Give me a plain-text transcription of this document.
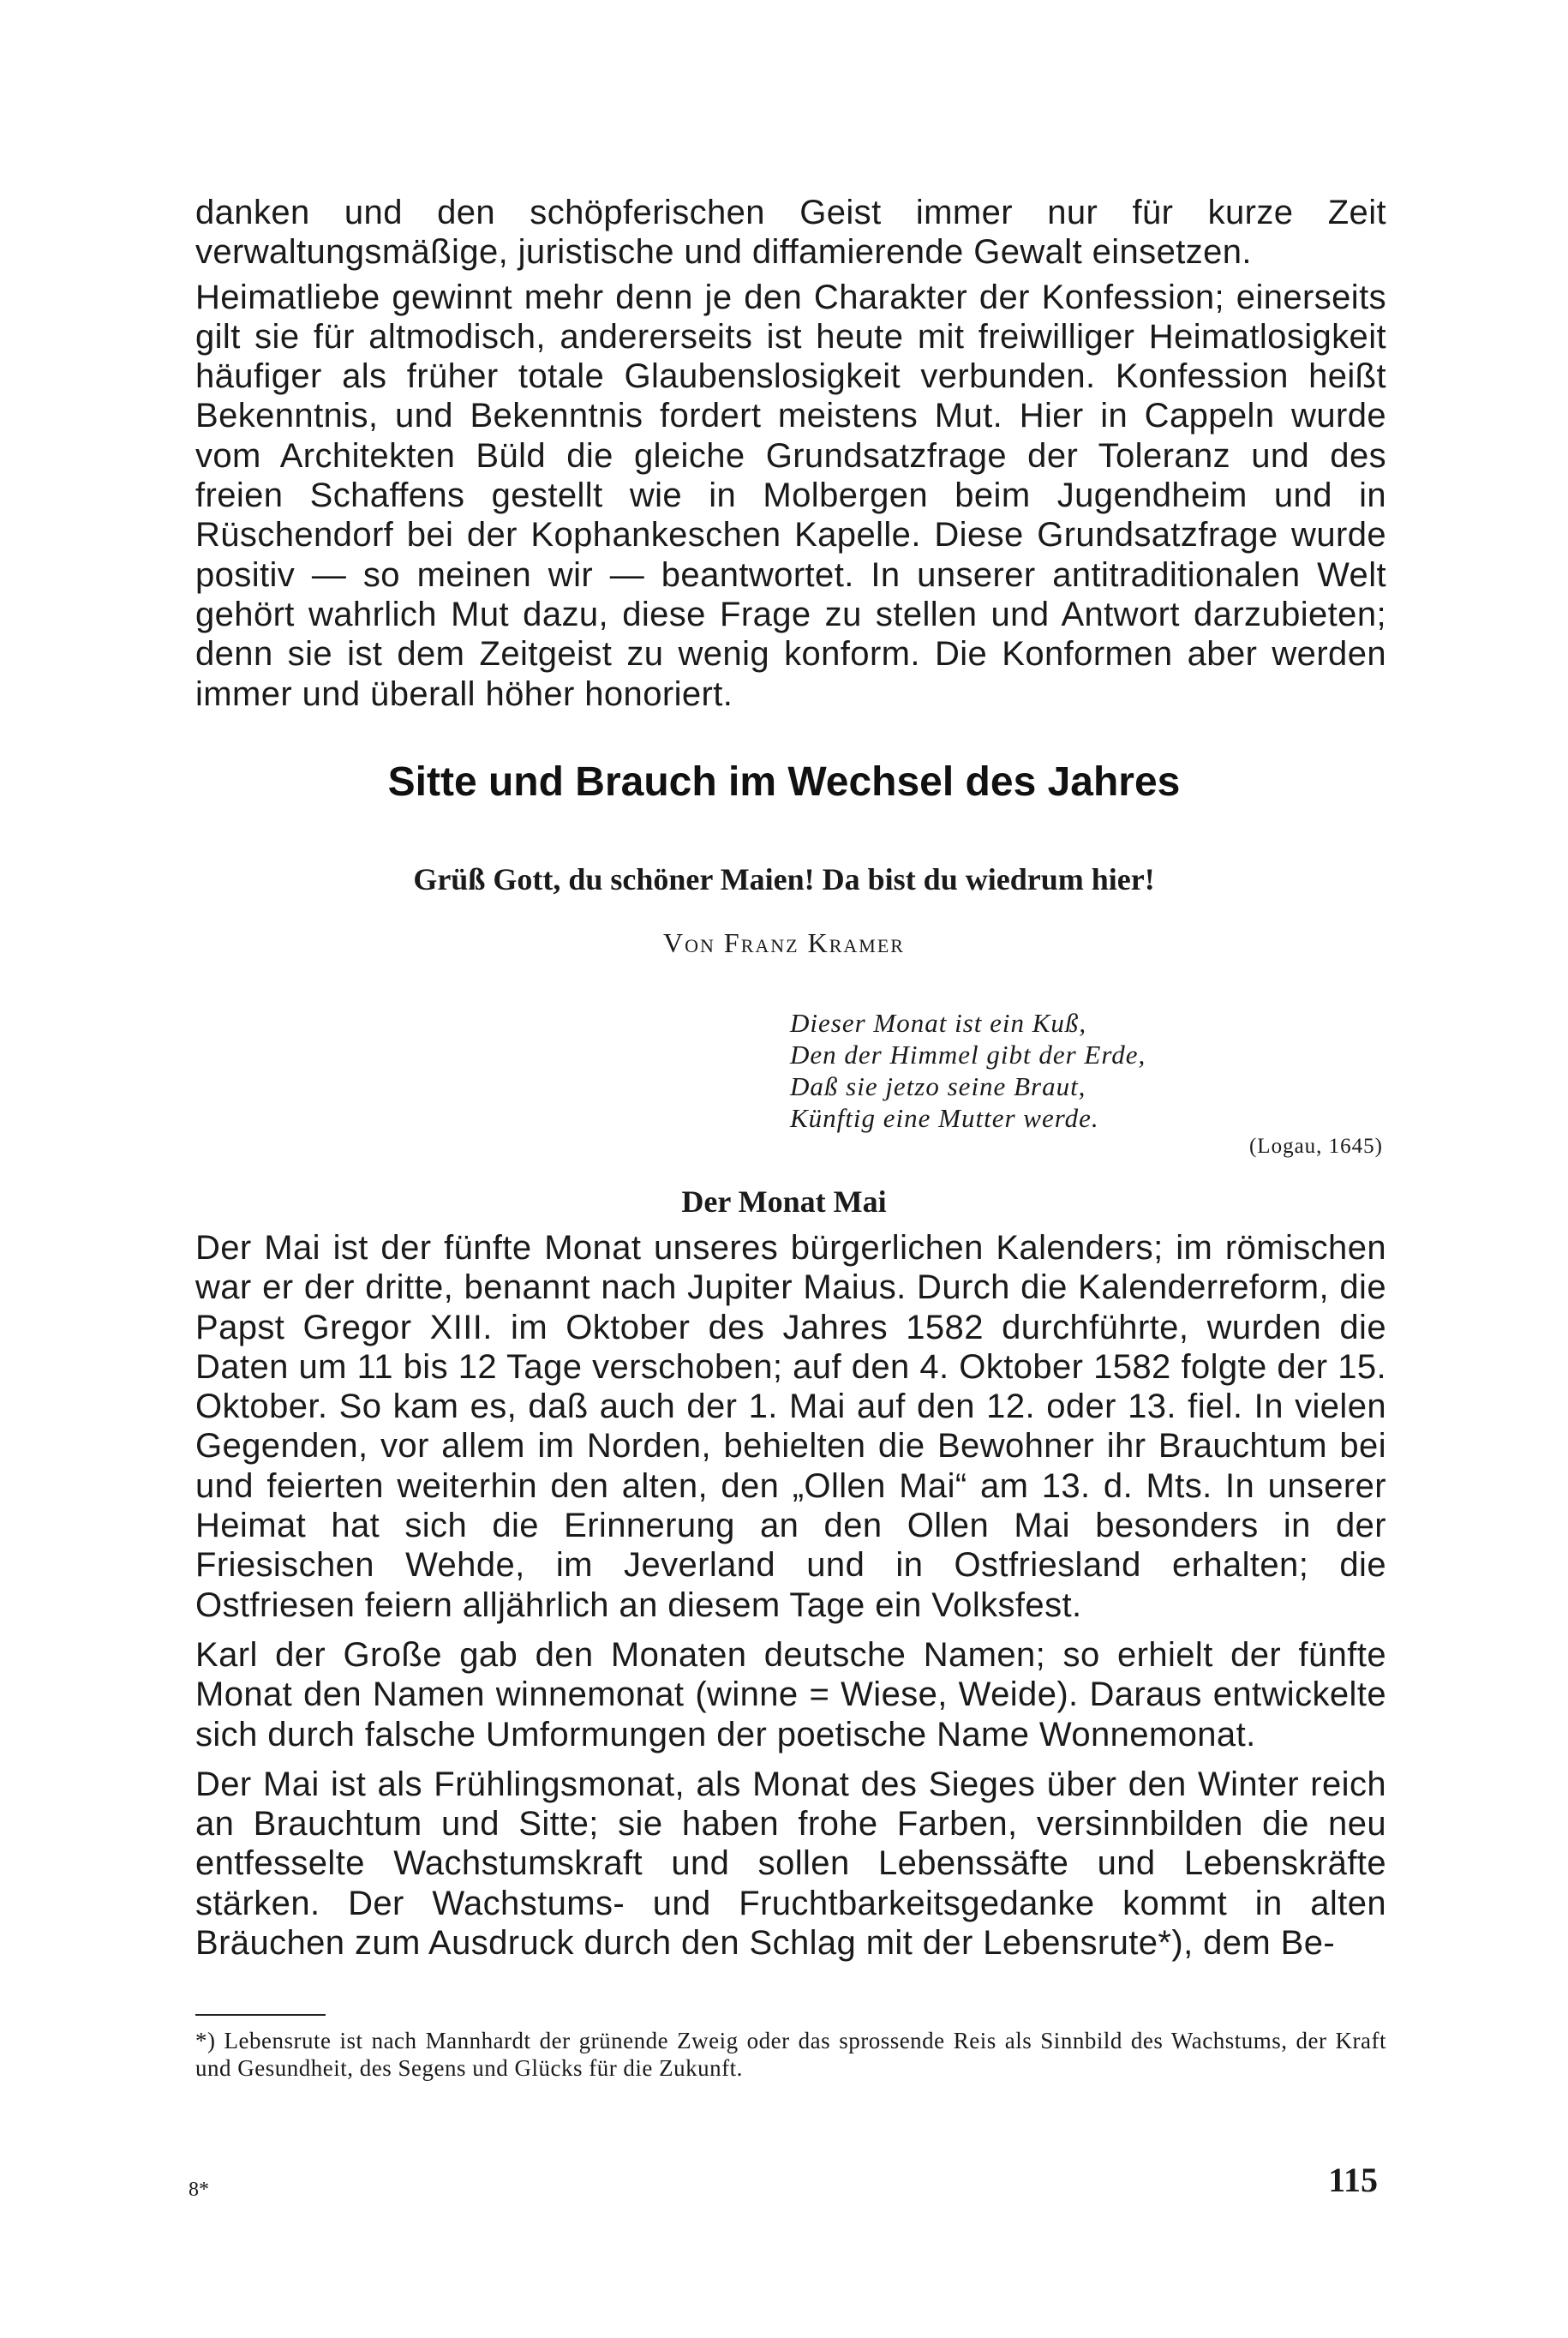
danken und den schöpferischen Geist immer nur für kurze Zeit verwaltungsmäßige, juristische und diffamierende Gewalt einsetzen.

Heimatliebe gewinnt mehr denn je den Charakter der Konfession; einerseits gilt sie für altmodisch, andererseits ist heute mit freiwilliger Heimatlosigkeit häufiger als früher totale Glaubenslosigkeit verbunden. Konfession heißt Bekenntnis, und Bekenntnis fordert meistens Mut. Hier in Cappeln wurde vom Architekten Büld die gleiche Grundsatzfrage der Toleranz und des freien Schaffens gestellt wie in Molbergen beim Jugendheim und in Rüschendorf bei der Kophankeschen Kapelle. Diese Grundsatzfrage wurde positiv — so meinen wir — beantwortet. In unserer antitraditionalen Welt gehört wahrlich Mut dazu, diese Frage zu stellen und Antwort darzubieten; denn sie ist dem Zeitgeist zu wenig konform. Die Konformen aber werden immer und überall höher honoriert.

Sitte und Brauch im Wechsel des Jahres
Grüß Gott, du schöner Maien! Da bist du wiedrum hier!
Von Franz Kramer
Dieser Monat ist ein Kuß,
Den der Himmel gibt der Erde,
Daß sie jetzo seine Braut,
Künftig eine Mutter werde.
(Logau, 1645)
Der Monat Mai

Der Mai ist der fünfte Monat unseres bürgerlichen Kalenders; im römischen war er der dritte, benannt nach Jupiter Maius. Durch die Kalenderreform, die Papst Gregor XIII. im Oktober des Jahres 1582 durchführte, wurden die Daten um 11 bis 12 Tage verschoben; auf den 4. Oktober 1582 folgte der 15. Oktober. So kam es, daß auch der 1. Mai auf den 12. oder 13. fiel. In vielen Gegenden, vor allem im Norden, behielten die Bewohner ihr Brauchtum bei und feierten weiterhin den alten, den „Ollen Mai“ am 13. d. Mts. In unserer Heimat hat sich die Erinnerung an den Ollen Mai besonders in der Friesischen Wehde, im Jeverland und in Ostfriesland erhalten; die Ostfriesen feiern alljährlich an diesem Tage ein Volksfest.

Karl der Große gab den Monaten deutsche Namen; so erhielt der fünfte Monat den Namen winnemonat (winne = Wiese, Weide). Daraus entwickelte sich durch falsche Umformungen der poetische Name Wonnemonat.

Der Mai ist als Frühlingsmonat, als Monat des Sieges über den Winter reich an Brauchtum und Sitte; sie haben frohe Farben, versinnbilden die neu entfesselte Wachstumskraft und sollen Lebenssäfte und Lebenskräfte stärken. Der Wachstums- und Fruchtbarkeitsgedanke kommt in alten Bräuchen zum Ausdruck durch den Schlag mit der Lebensrute*), dem Be-

*) Lebensrute ist nach Mannhardt der grünende Zweig oder das sprossende Reis als Sinnbild des Wachstums, der Kraft und Gesundheit, des Segens und Glücks für die Zukunft.

8*	115
